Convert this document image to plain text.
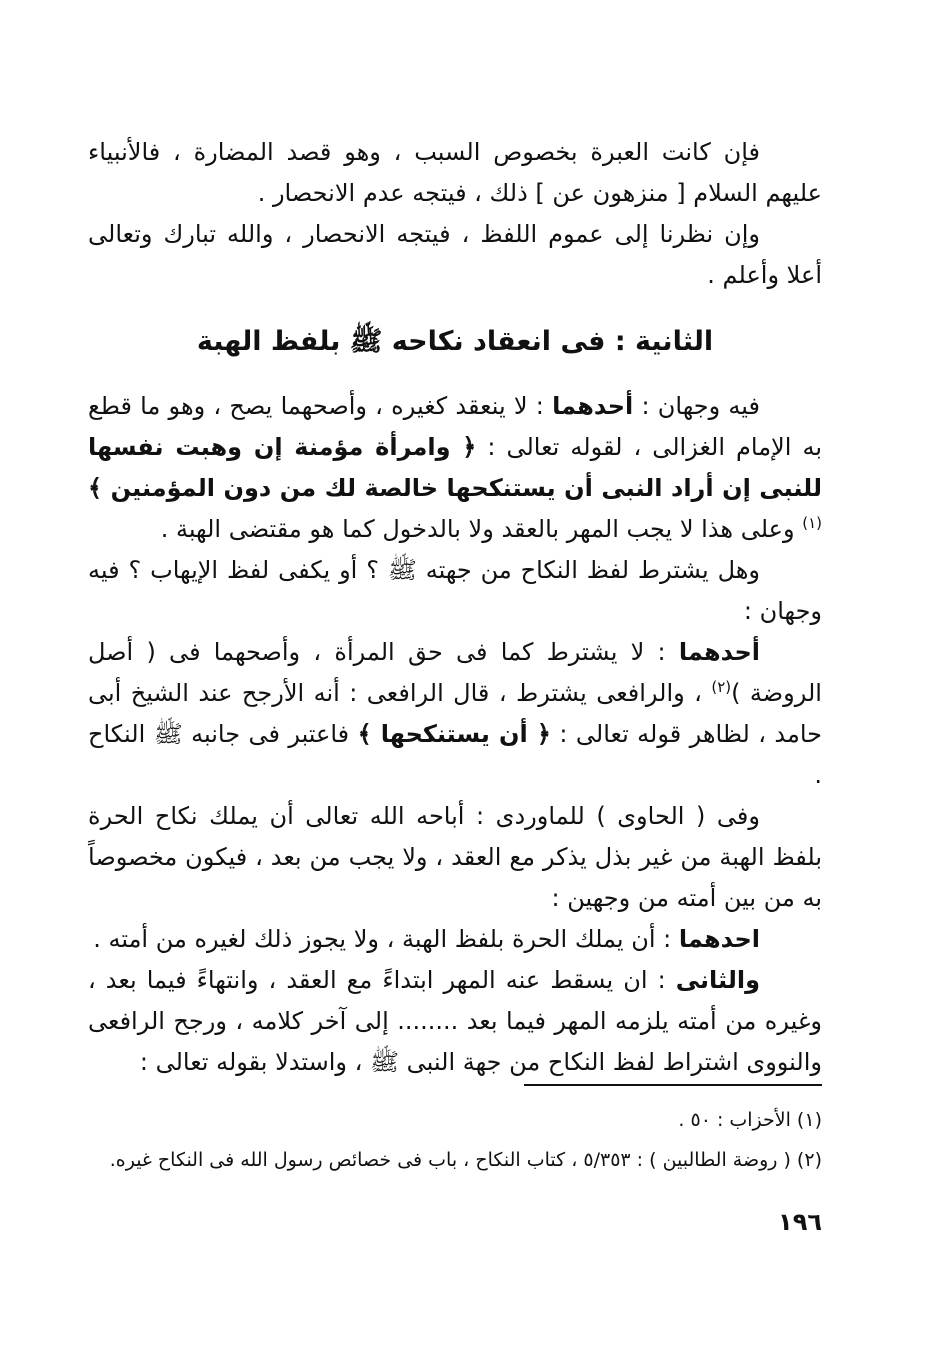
فإن كانت العبرة بخصوص السبب ، وهو قصد المضارة ، فالأنبياء عليهم السلام [ منزهون عن ] ذلك ، فيتجه عدم الانحصار .

وإن نظرنا إلى عموم اللفظ ، فيتجه الانحصار ، والله تبارك وتعالى أعلا وأعلم .

الثانية : فى انعقاد نكاحه ﷺ بلفظ الهبة

فيه وجهان : أحدهما : لا ينعقد كغيره ، وأصحهما يصح ، وهو ما قطع به الإمام الغزالى ، لقوله تعالى : ﴿ وامرأة مؤمنة إن وهبت نفسها للنبى إن أراد النبى أن يستنكحها خالصة لك من دون المؤمنين ﴾ $^{(١)}$ وعلى هذا لا يجب المهر بالعقد ولا بالدخول كما هو مقتضى الهبة .

وهل يشترط لفظ النكاح من جهته ﷺ ؟ أو يكفى لفظ الإيهاب ؟ فيه وجهان :

أحدهما : لا يشترط كما فى حق المرأة ، وأصحهما فى ( أصل الروضة )$^{(٢)}$ ، والرافعى يشترط ، قال الرافعى : أنه الأرجح عند الشيخ أبى حامد ، لظاهر قوله تعالى : ﴿ أن يستنكحها ﴾ فاعتبر فى جانبه ﷺ النكاح .

وفى ( الحاوى ) للماوردى : أباحه الله تعالى أن يملك نكاح الحرة بلفظ الهبة من غير بذل يذكر مع العقد ، ولا يجب من بعد ، فيكون مخصوصاً به من بين أمته من وجهين :

احدهما : أن يملك الحرة بلفظ الهبة ، ولا يجوز ذلك لغيره من أمته .

والثانى : ان يسقط عنه المهر ابتداءً مع العقد ، وانتهاءً فيما بعد ، وغيره من أمته يلزمه المهر فيما بعد ........ إلى آخر كلامه ، ورجح الرافعى والنووى اشتراط لفظ النكاح من جهة النبى ﷺ ، واستدلا بقوله تعالى :

(١) الأحزاب : ٥٠ .

(٢) ( روضة الطالبين ) : ٥/٣٥٣ ، كتاب النكاح ، باب فى خصائص رسول الله فى النكاح غيره.

١٩٦
